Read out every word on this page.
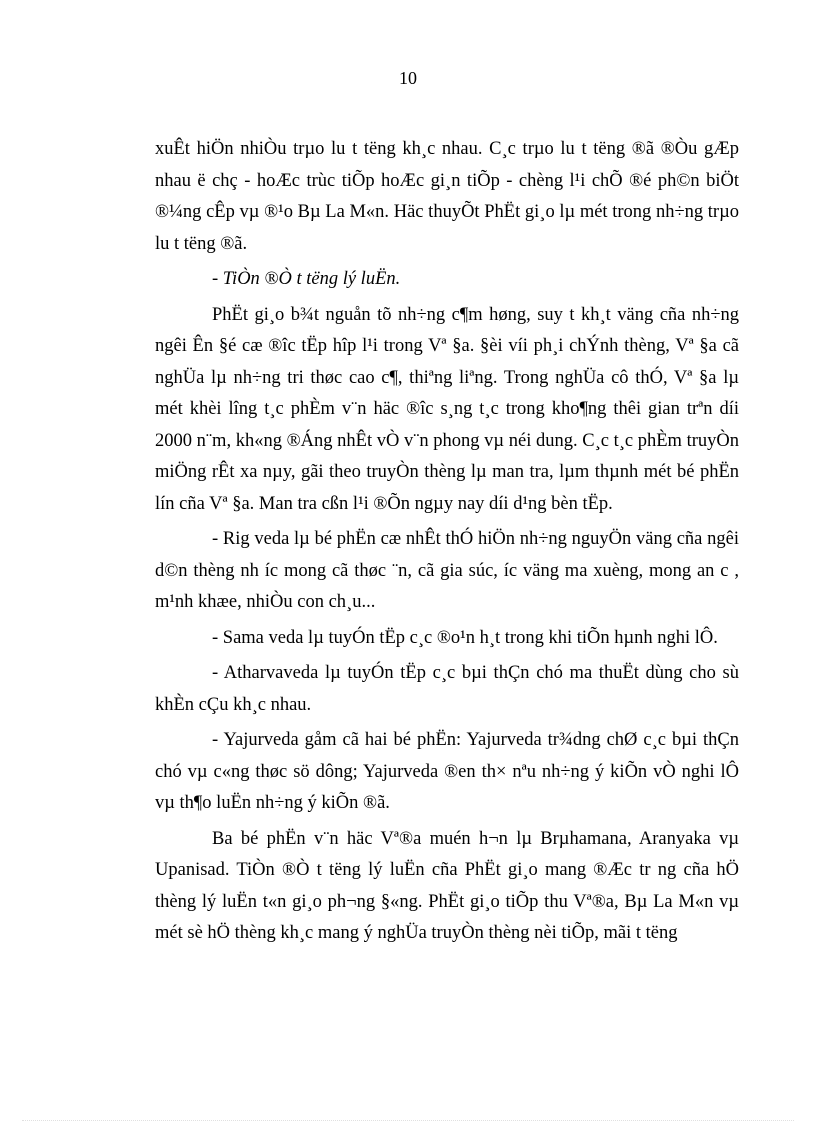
10

xuÊt hiÖn nhiÒu trµo lu t tëng kh¸c nhau. C¸c trµo lu t tëng ®ã ®Òu gÆp nhau ë chç - hoÆc trùc tiÕp hoÆc gi¸n tiÕp - chèng l¹i chÕ ®é ph©n biÖt ®¼ng cÊp vµ ®¹o Bµ La M«n. Häc thuyÕt PhËt gi¸o lµ mét trong nh÷ng trµo lu t tëng ®ã.

- TiÒn ®Ò t tëng lý luËn.

PhËt gi¸o b¾t nguån tõ nh÷ng c¶m høng, suy t kh¸t väng cña nh÷ng ngêi Ên §é cæ ®îc tËp hîp l¹i trong Vª §a. §èi víi ph¸i chÝnh thèng, Vª §a cã nghÜa lµ nh÷ng tri thøc cao c¶, thiªng liªng. Trong nghÜa cô thÓ, Vª §a lµ mét khèi lîng t¸c phÈm v¨n häc ®îc s¸ng t¸c trong kho¶ng thêi gian trªn díi 2000 n¨m, kh«ng ®Áng nhÊt vÒ v¨n phong vµ néi dung. C¸c t¸c phÈm truyÒn miÖng rÊt xa nµy, gãi theo truyÒn thèng lµ man tra, lµm thµnh mét bé phËn lín cña Vª §a. Man tra cßn l¹i ®Õn ngµy nay díi d¹ng bèn tËp.

- Rig veda lµ bé phËn cæ nhÊt thÓ hiÖn nh÷ng nguyÖn väng cña ngêi d©n thèng nh íc mong cã thøc ¨n, cã gia súc, íc väng ma xuèng, mong an c , m¹nh khæe, nhiÒu con ch¸u...

- Sama veda lµ tuyÓn tËp c¸c ®o¹n h¸t trong khi tiÕn hµnh nghi lÔ.

- Atharvaveda lµ tuyÓn tËp c¸c bµi thÇn chó ma thuËt dùng cho sù khÈn cÇu kh¸c nhau.

- Yajurveda gåm cã hai bé phËn: Yajurveda tr¾dng chØ c¸c bµi thÇn chó vµ c«ng thøc sö dông; Yajurveda ®en th× nªu nh÷ng ý kiÕn vÒ nghi lÔ vµ th¶o luËn nh÷ng ý kiÕn ®ã.

Ba bé phËn v¨n häc Vª®a muén h¬n lµ Brµhamana, Aranyaka vµ Upanisad. TiÒn ®Ò t tëng lý luËn cña PhËt gi¸o mang ®Æc tr ng cña hÖ thèng lý luËn t«n gi¸o ph¬ng §«ng. PhËt gi¸o tiÕp thu Vª®a, Bµ La M«n vµ mét sè hÖ thèng kh¸c mang ý nghÜa truyÒn thèng nèi tiÕp, mãi t tëng
